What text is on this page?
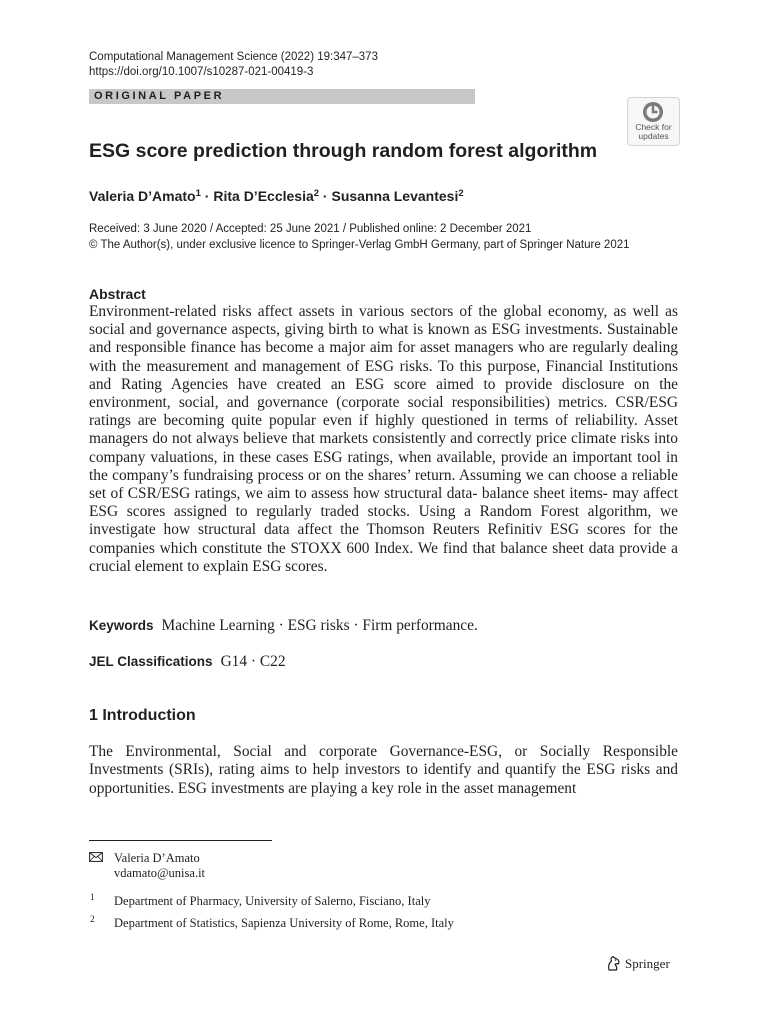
Computational Management Science (2022) 19:347–373
https://doi.org/10.1007/s10287-021-00419-3
ORIGINAL PAPER
Check for
updates
ESG score prediction through random forest algorithm
Valeria D’Amato$^1$ · Rita D’Ecclesia$^2$ · Susanna Levantesi$^2$
Received: 3 June 2020 / Accepted: 25 June 2021 / Published online: 2 December 2021
© The Author(s), under exclusive licence to Springer-Verlag GmbH Germany, part of Springer Nature 2021
Abstract
Environment-related risks affect assets in various sectors of the global economy, as well as social and governance aspects, giving birth to what is known as ESG investments. Sustainable and responsible finance has become a major aim for asset managers who are regularly dealing with the measurement and management of ESG risks. To this purpose, Financial Institutions and Rating Agencies have created an ESG score aimed to provide disclosure on the environment, social, and governance (corporate social responsibilities) metrics. CSR/ESG ratings are becoming quite popular even if highly questioned in terms of reliability. Asset managers do not always believe that markets consistently and correctly price climate risks into company valuations, in these cases ESG ratings, when available, provide an important tool in the company’s fundraising process or on the shares’ return. Assuming we can choose a reliable set of CSR/ESG ratings, we aim to assess how structural data- balance sheet items- may affect ESG scores assigned to regularly traded stocks. Using a Random Forest algorithm, we investigate how structural data affect the Thomson Reuters Refinitiv ESG scores for the companies which constitute the STOXX 600 Index. We find that balance sheet data provide a crucial element to explain ESG scores.
Keywords Machine Learning · ESG risks · Firm performance.
JEL Classifications G14 · C22
1 Introduction
The Environmental, Social and corporate Governance-ESG, or Socially Responsible Investments (SRIs), rating aims to help investors to identify and quantify the ESG risks and opportunities. ESG investments are playing a key role in the asset management
Valeria D’Amato
vdamato@unisa.it
1 Department of Pharmacy, University of Salerno, Fisciano, Italy
2 Department of Statistics, Sapienza University of Rome, Rome, Italy
Springer
